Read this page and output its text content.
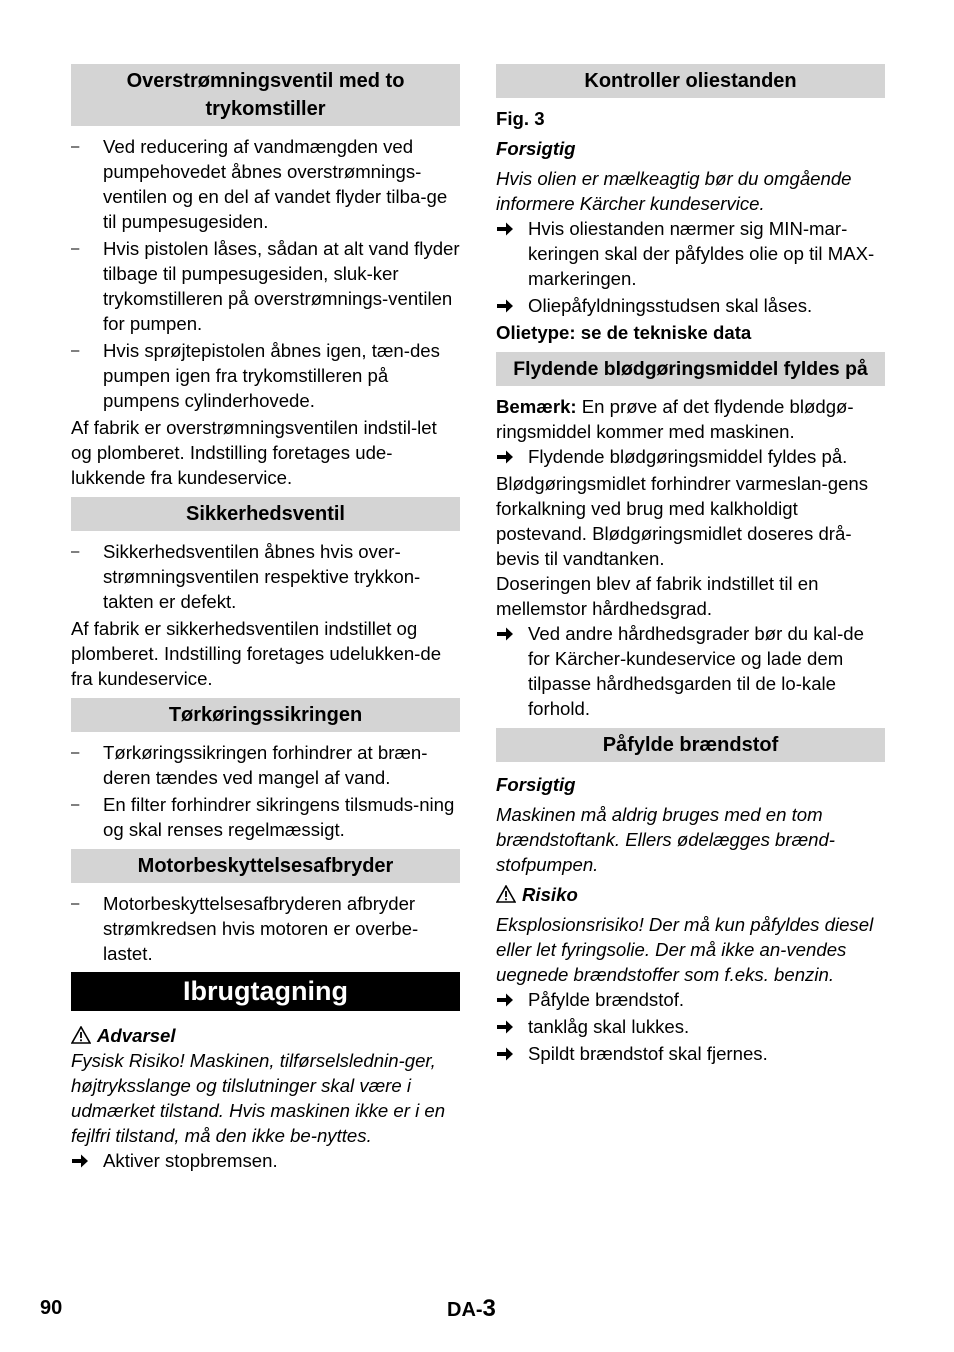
Overstrømningsventil med to trykomstiller
– Ved reducering af vandmængden ved pumpehovedet åbnes overstrømnings-ventilen og en del af vandet flyder tilba-ge til pumpesugesiden.
– Hvis pistolen låses, sådan at alt vand flyder tilbage til pumpesugesiden, sluk-ker trykomstilleren på overstrømnings-ventilen for pumpen.
– Hvis sprøjtepistolen åbnes igen, tæn-des pumpen igen fra trykomstilleren på pumpens cylinderhovede.

Af fabrik er overstrømningsventilen indstil-let og plomberet. Indstilling foretages ude-lukkende fra kundeservice.

Sikkerhedsventil
– Sikkerhedsventilen åbnes hvis over-strømningsventilen respektive trykkon-takten er defekt.

Af fabrik er sikkerhedsventilen indstillet og plomberet. Indstilling foretages udelukken-de fra kundeservice.

Tørkøringssikringen
– Tørkøringssikringen forhindrer at bræn-deren tændes ved mangel af vand.
– En filter forhindrer sikringens tilsmuds-ning og skal renses regelmæssigt.
Motorbeskyttelsesafbryder
– Motorbeskyttelsesafbryderen afbryder strømkredsen hvis motoren er overbe-lastet.
Ibrugtagning
Advarsel

Fysisk Risiko! Maskinen, tilførselslednin-ger, højtryksslange og tilslutninger skal være i udmærket tilstand. Hvis maskinen ikke er i en fejlfri tilstand, må den ikke be-nyttes.

Aktiver stopbremsen.
Kontroller oliestanden
Fig. 3
Forsigtig

Hvis olien er mælkeagtig bør du omgående informere Kärcher kundeservice.

Hvis oliestanden nærmer sig MIN-mar-keringen skal der påfyldes olie op til MAX-markeringen.
Oliepåfyldningsstudsen skal låses.
Olietype: se de tekniske data
Flydende blødgøringsmiddel fyldes på

Bemærk: En prøve af det flydende blødgø-ringsmiddel kommer med maskinen.

Flydende blødgøringsmiddel fyldes på.

Blødgøringsmidlet forhindrer varmeslan-gens forkalkning ved brug med kalkholdigt postevand. Blødgøringsmidlet doseres drå-bevis til vandtanken.

Doseringen blev af fabrik indstillet til en mellemstor hårdhedsgrad.

Ved andre hårdhedsgrader bør du kal-de for Kärcher-kundeservice og lade dem tilpasse hårdhedsgarden til de lo-kale forhold.
Påfylde brændstof
Forsigtig

Maskinen må aldrig bruges med en tom brændstoftank. Ellers ødelægges brænd-stofpumpen.

Risiko

Eksplosionsrisiko! Der må kun påfyldes diesel eller let fyringsolie. Der må ikke an-vendes uegnede brændstoffer som f.eks. benzin.

Påfylde brændstof.
tanklåg skal lukkes.
Spildt brændstof skal fjernes.
90	DA-3
